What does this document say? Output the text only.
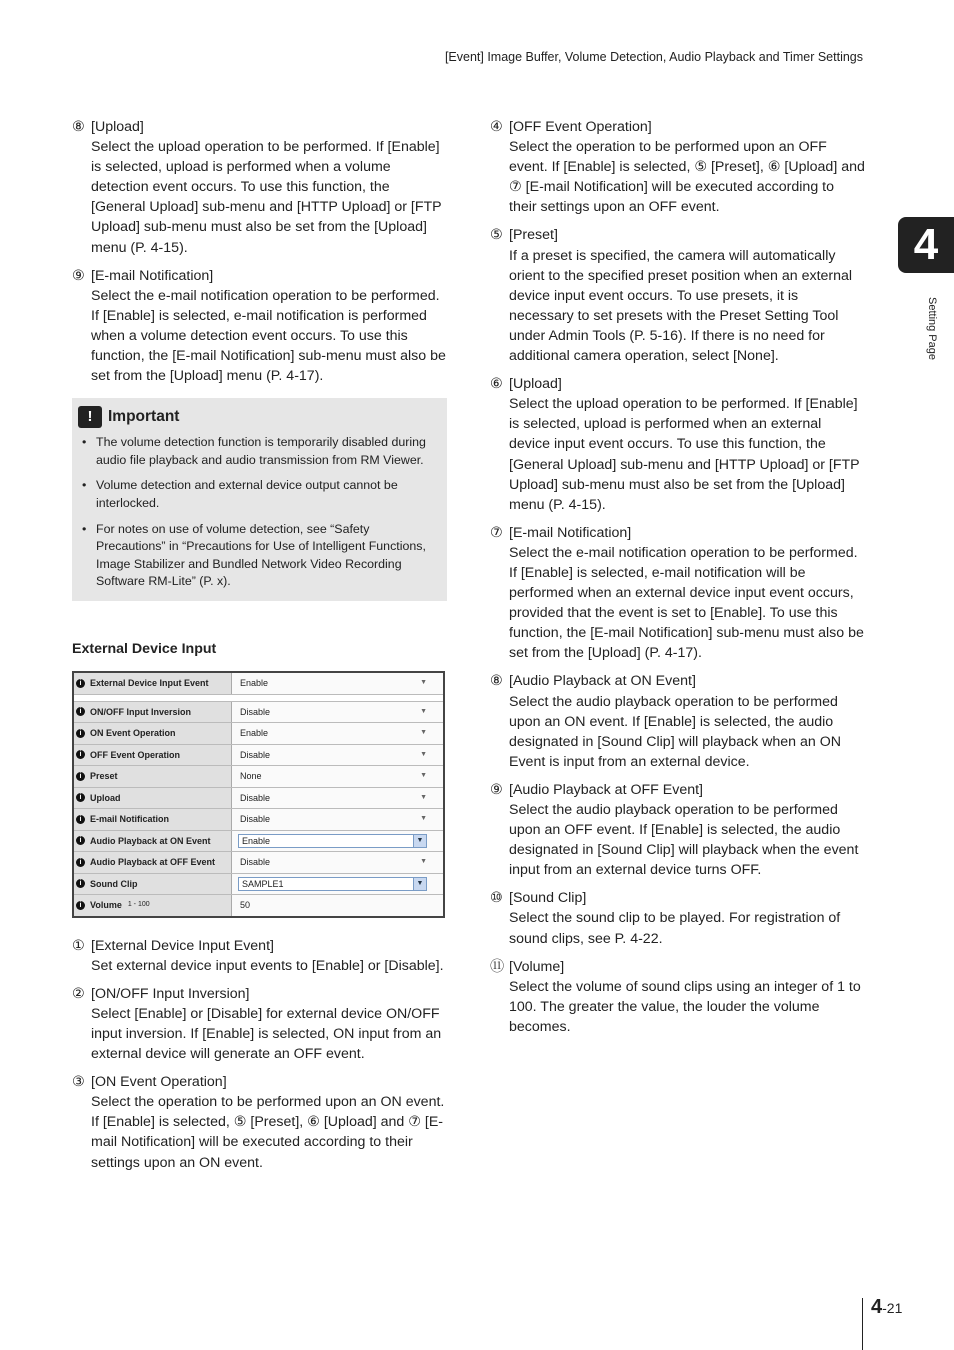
[Event] Image Buffer, Volume Detection, Audio Playback and Timer Settings
4
Setting Page
⑧ [Upload]
Select the upload operation to be performed. If [Enable] is selected, upload is performed when a volume detection event occurs. To use this function, the [General Upload] sub-menu and [HTTP Upload] or [FTP Upload] sub-menu must also be set from the [Upload] menu (P. 4-15).
⑨ [E-mail Notification]
Select the e-mail notification operation to be performed. If [Enable] is selected, e-mail notification is performed when a volume detection event occurs. To use this function, the [E-mail Notification] sub-menu must also be set from the [Upload] menu (P. 4-17).
!	Important
• The volume detection function is temporarily disabled during audio file playback and audio transmission from RM Viewer.
• Volume detection and external device output cannot be interlocked.
• For notes on use of volume detection, see “Safety Precautions” in “Precautions for Use of Intelligent Functions, Image Stabilizer and Bundled Network Video Recording Software RM-Lite” (P. x).
External Device Input
i External Device Input Event	Enable	▼
i ON/OFF Input Inversion	Disable	▼
i ON Event Operation	Enable	▼
i OFF Event Operation	Disable	▼
i Preset	None	▼
i Upload	Disable	▼
i E-mail Notification	Disable	▼
i Audio Playback at ON Event	Enable	▼
i Audio Playback at OFF Event	Disable	▼
i Sound Clip	SAMPLE1	▼
i Volume 1 - 100	50
① [External Device Input Event]
Set external device input events to [Enable] or [Disable].
② [ON/OFF Input Inversion]
Select [Enable] or [Disable] for external device ON/OFF input inversion. If [Enable] is selected, ON input from an external device will generate an OFF event.
③ [ON Event Operation]
Select the operation to be performed upon an ON event. If [Enable] is selected, ⑤ [Preset], ⑥ [Upload] and ⑦ [E-mail Notification] will be executed according to their settings upon an ON event.
④ [OFF Event Operation]
Select the operation to be performed upon an OFF event. If [Enable] is selected, ⑤ [Preset], ⑥ [Upload] and ⑦ [E-mail Notification] will be executed according to their settings upon an OFF event.
⑤ [Preset]
If a preset is specified, the camera will automatically orient to the specified preset position when an external device input event occurs. To use presets, it is necessary to set presets with the Preset Setting Tool under Admin Tools (P. 5-16). If there is no need for additional camera operation, select [None].
⑥ [Upload]
Select the upload operation to be performed. If [Enable] is selected, upload is performed when an external device input event occurs. To use this function, the [General Upload] sub-menu and [HTTP Upload] or [FTP Upload] sub-menu must also be set from the [Upload] menu (P. 4-15).
⑦ [E-mail Notification]
Select the e-mail notification operation to be performed. If [Enable] is selected, e-mail notification will be performed when an external device input event occurs, provided that the event is set to [Enable]. To use this function, the [E-mail Notification] sub-menu must also be set from the [Upload] (P. 4-17).
⑧ [Audio Playback at ON Event]
Select the audio playback operation to be performed upon an ON event. If [Enable] is selected, the audio designated in [Sound Clip] will playback when an ON Event is input from an external device.
⑨ [Audio Playback at OFF Event]
Select the audio playback operation to be performed upon an OFF event. If [Enable] is selected, the audio designated in [Sound Clip] will playback when the event input from an external device turns OFF.
⑩ [Sound Clip]
Select the sound clip to be played. For registration of sound clips, see P. 4-22.
⑪ [Volume]
Select the volume of sound clips using an integer of 1 to 100. The greater the value, the louder the volume becomes.
4-21
